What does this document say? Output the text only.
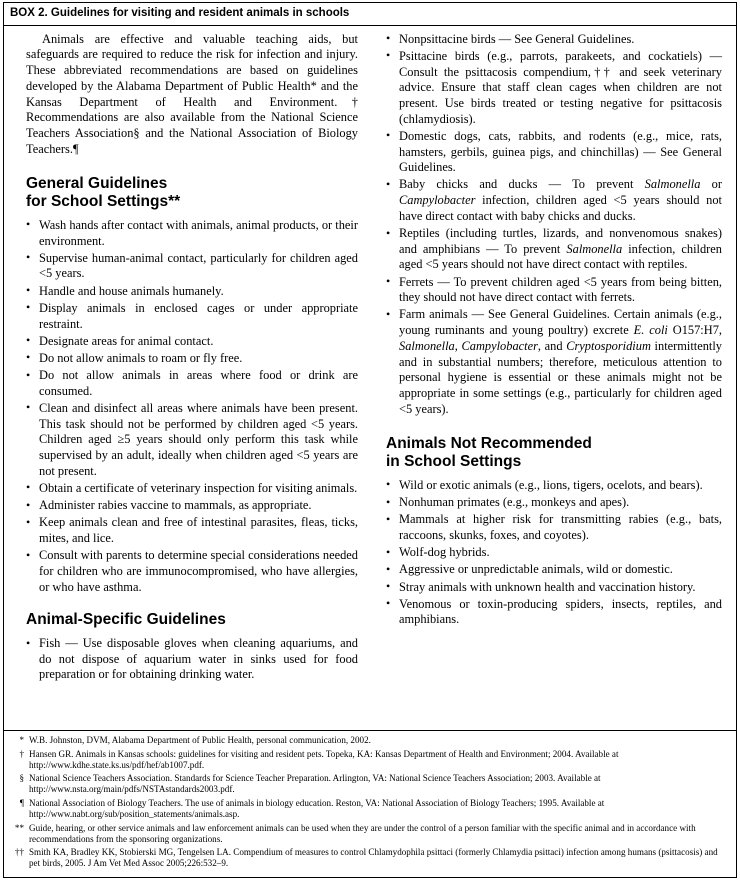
BOX 2. Guidelines for visiting and resident animals in schools

Animals are effective and valuable teaching aids, but safeguards are required to reduce the risk for infection and injury. These abbreviated recommendations are based on guidelines developed by the Alabama Department of Public Health* and the Kansas Department of Health and Environment.† Recommendations are also available from the National Science Teachers Association§ and the National Association of Biology Teachers.¶

General Guidelines
for School Settings**
• Wash hands after contact with animals, animal products, or their environment.
• Supervise human-animal contact, particularly for children aged <5 years.
• Handle and house animals humanely.
• Display animals in enclosed cages or under appropriate restraint.
• Designate areas for animal contact.
• Do not allow animals to roam or fly free.
• Do not allow animals in areas where food or drink are consumed.
• Clean and disinfect all areas where animals have been present. This task should not be performed by children aged <5 years. Children aged ≥5 years should only perform this task while supervised by an adult, ideally when children aged <5 years are not present.
• Obtain a certificate of veterinary inspection for visiting animals.
• Administer rabies vaccine to mammals, as appropriate.
• Keep animals clean and free of intestinal parasites, fleas, ticks, mites, and lice.
• Consult with parents to determine special considerations needed for children who are immunocompromised, who have allergies, or who have asthma.
Animal-Specific Guidelines
• Fish — Use disposable gloves when cleaning aquariums, and do not dispose of aquarium water in sinks used for food preparation or for obtaining drinking water.
• Nonpsittacine birds — See General Guidelines.
• Psittacine birds (e.g., parrots, parakeets, and cockatiels) — Consult the psittacosis compendium,†† and seek veterinary advice. Ensure that staff clean cages when children are not present. Use birds treated or testing negative for psittacosis (chlamydiosis).
• Domestic dogs, cats, rabbits, and rodents (e.g., mice, rats, hamsters, gerbils, guinea pigs, and chinchillas) — See General Guidelines.
• Baby chicks and ducks — To prevent Salmonella or Campylobacter infection, children aged <5 years should not have direct contact with baby chicks and ducks.
• Reptiles (including turtles, lizards, and nonvenomous snakes) and amphibians — To prevent Salmonella infection, children aged <5 years should not have direct contact with reptiles.
• Ferrets — To prevent children aged <5 years from being bitten, they should not have direct contact with ferrets.
• Farm animals — See General Guidelines. Certain animals (e.g., young ruminants and young poultry) excrete E. coli O157:H7, Salmonella, Campylobacter, and Cryptosporidium intermittently and in substantial numbers; therefore, meticulous attention to personal hygiene is essential or these animals might not be appropriate in some settings (e.g., particularly for children aged <5 years).
Animals Not Recommended
in School Settings
• Wild or exotic animals (e.g., lions, tigers, ocelots, and bears).
• Nonhuman primates (e.g., monkeys and apes).
• Mammals at higher risk for transmitting rabies (e.g., bats, raccoons, skunks, foxes, and coyotes).
• Wolf-dog hybrids.
• Aggressive or unpredictable animals, wild or domestic.
• Stray animals with unknown health and vaccination history.
• Venomous or toxin-producing spiders, insects, reptiles, and amphibians.
* W.B. Johnston, DVM, Alabama Department of Public Health, personal communication, 2002.
† Hansen GR. Animals in Kansas schools: guidelines for visiting and resident pets. Topeka, KA: Kansas Department of Health and Environment; 2004. Available at http://www.kdhe.state.ks.us/pdf/hef/ab1007.pdf.
§ National Science Teachers Association. Standards for Science Teacher Preparation. Arlington, VA: National Science Teachers Association; 2003. Available at http://www.nsta.org/main/pdfs/NSTAstandards2003.pdf.
¶ National Association of Biology Teachers. The use of animals in biology education. Reston, VA: National Association of Biology Teachers; 1995. Available at http://www.nabt.org/sub/position_statements/animals.asp.
** Guide, hearing, or other service animals and law enforcement animals can be used when they are under the control of a person familiar with the specific animal and in accordance with recommendations from the sponsoring organizations.
†† Smith KA, Bradley KK, Stobierski MG, Tengelsen LA. Compendium of measures to control Chlamydophila psittaci (formerly Chlamydia psittaci) infection among humans (psittacosis) and pet birds, 2005. J Am Vet Med Assoc 2005;226:532–9.
